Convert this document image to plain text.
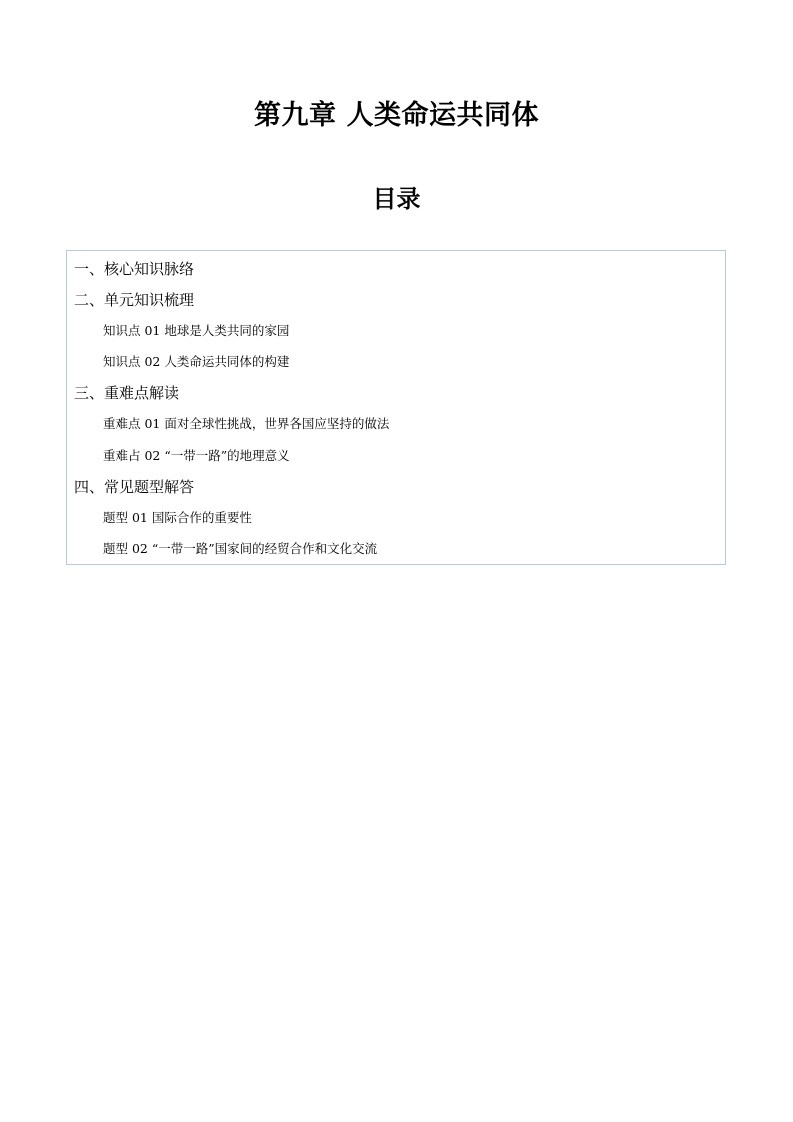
第九章 人类命运共同体
目录
一、核心知识脉络
二、单元知识梳理
知识点 01 地球是人类共同的家园
知识点 02 人类命运共同体的构建
三、重难点解读
重难点 01 面对全球性挑战，世界各国应坚持的做法
重难占 02 “一带一路”的地理意义
四、常见题型解答
题型 01 国际合作的重要性
题型 02 “一带一路”国家间的经贸合作和文化交流
